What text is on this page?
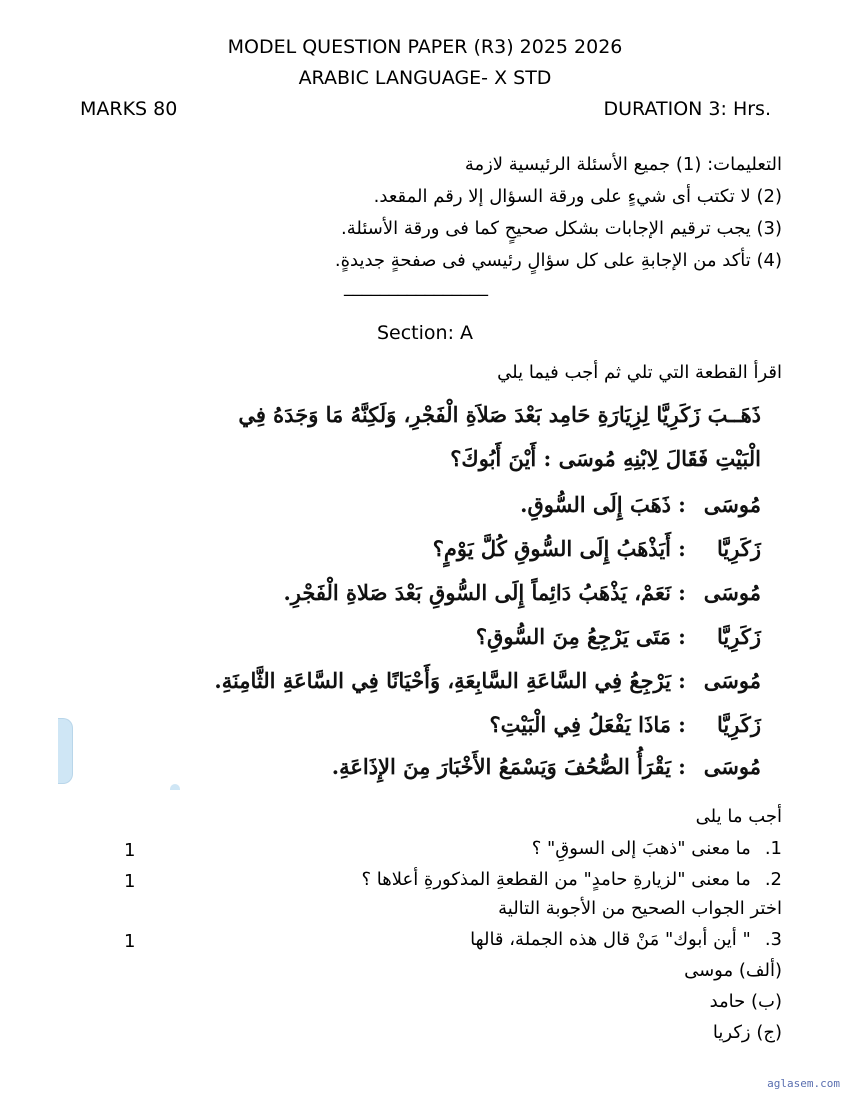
MODEL QUESTION PAPER (R3) 2025 2026
ARABIC LANGUAGE- X STD
MARKS 80	DURATION 3: Hrs.
التعليمات: (1) جميع الأسئلة الرئيسية لازمة
(2) لا تكتب أى شيءٍ على ورقة السؤال إلا رقم المقعد.
(3) يجب ترقيم الإجابات بشكل صحيحٍ كما فى ورقة الأسئلة.
(4) تأكد من الإجابةِ على كل سؤالٍ رئيسي فى صفحةٍ جديدةٍ.
________________
Section: A
اقرأ القطعة التي تلي ثم أجب فيما يلي
ذَهَــبَ زَكَرِيَّا لِزِيَارَةِ حَامِد بَعْدَ صَلاَةِ الْفَجْرِ، وَلَكِنَّهُ مَا وَجَدَهُ فِي
الْبَيْتِ فَقَالَ لِابْنِهِ مُوسَى : أَيْنَ أَبُوكَ؟
مُوسَى:ذَهَبَ إِلَى السُّوقِ.
زَكَرِيَّا:أَيَذْهَبُ إِلَى السُّوقِ كُلَّ يَوْمٍ؟
مُوسَى:نَعَمْ، يَذْهَبُ دَائِماً إِلَى السُّوقِ بَعْدَ صَلاةِ الْفَجْرِ.
زَكَرِيَّا:مَتَى يَرْجِعُ مِنَ السُّوقِ؟
مُوسَى:يَرْجِعُ فِي السَّاعَةِ السَّابِعَةِ، وَأَحْيَانًا فِي السَّاعَةِ الثَّامِنَةِ.
زَكَرِيَّا:مَاذَا يَفْعَلُ فِي الْبَيْتِ؟
مُوسَى:يَقْرَأُ الصُّحُفَ وَيَسْمَعُ الأَخْبَارَ مِنَ الإِذَاعَةِ.
أجب ما يلى
1.ما معنى "ذهبَ إلى السوقِ" ؟
1
2.ما معنى "لزيارةِ حامدٍ" من القطعةِ المذكورةِ أعلاها ؟
1
اختر الجواب الصحيح من الأجوبة التالية
3." أين أبوك" مَنْ قال هذه الجملة، قالها
1
(ألف) موسى
(ب) حامد
(ج) زكريا
aglasem.com
